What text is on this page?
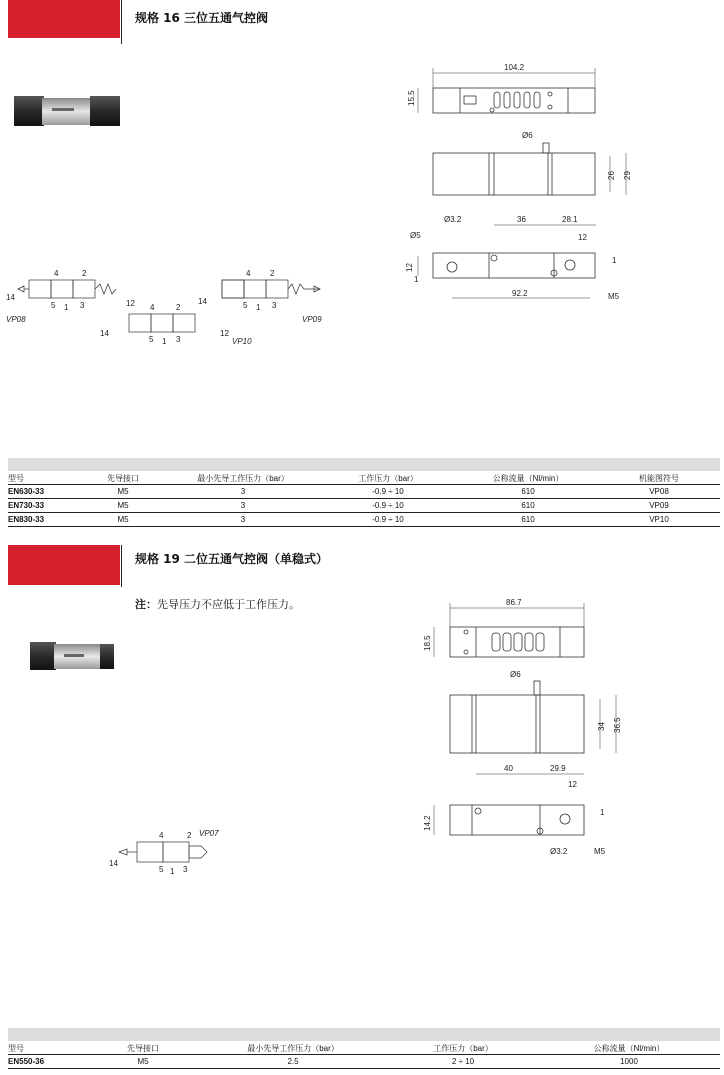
规格 16 三位五通气控阀
104.2
15.5
Ø6
26 29
Ø3.2	36	28.1
Ø5	12
12
1
1
92.2	M5
4	2
5 1 3
14
12
VP08
4	2
5 1 3
14	12
VP10
14
4 2
5 1 3
VP09
型号	先导接口	最小先导工作压力（bar）	工作压力（bar）	公称流量（Nl/min）	机能图符号
EN630-33	M5	3	-0.9 ÷ 10	610	VP08
EN730-33	M5	3	-0.9 ÷ 10	610	VP09
EN830-33	M5	3	-0.9 ÷ 10	610	VP10
规格 19 二位五通气控阀（单稳式）
注：先导压力不应低于工作压力。	86.7
18.5
Ø6
34 36.5
40	29.9
12
1
14.2
Ø3.2	M5
4	2
5 1 3
14
VP07
型号	先导接口	最小先导工作压力（bar）	工作压力（bar）	公称流量（Nl/min）
EN550-36	M5	2.5	2 ÷ 10	1000
